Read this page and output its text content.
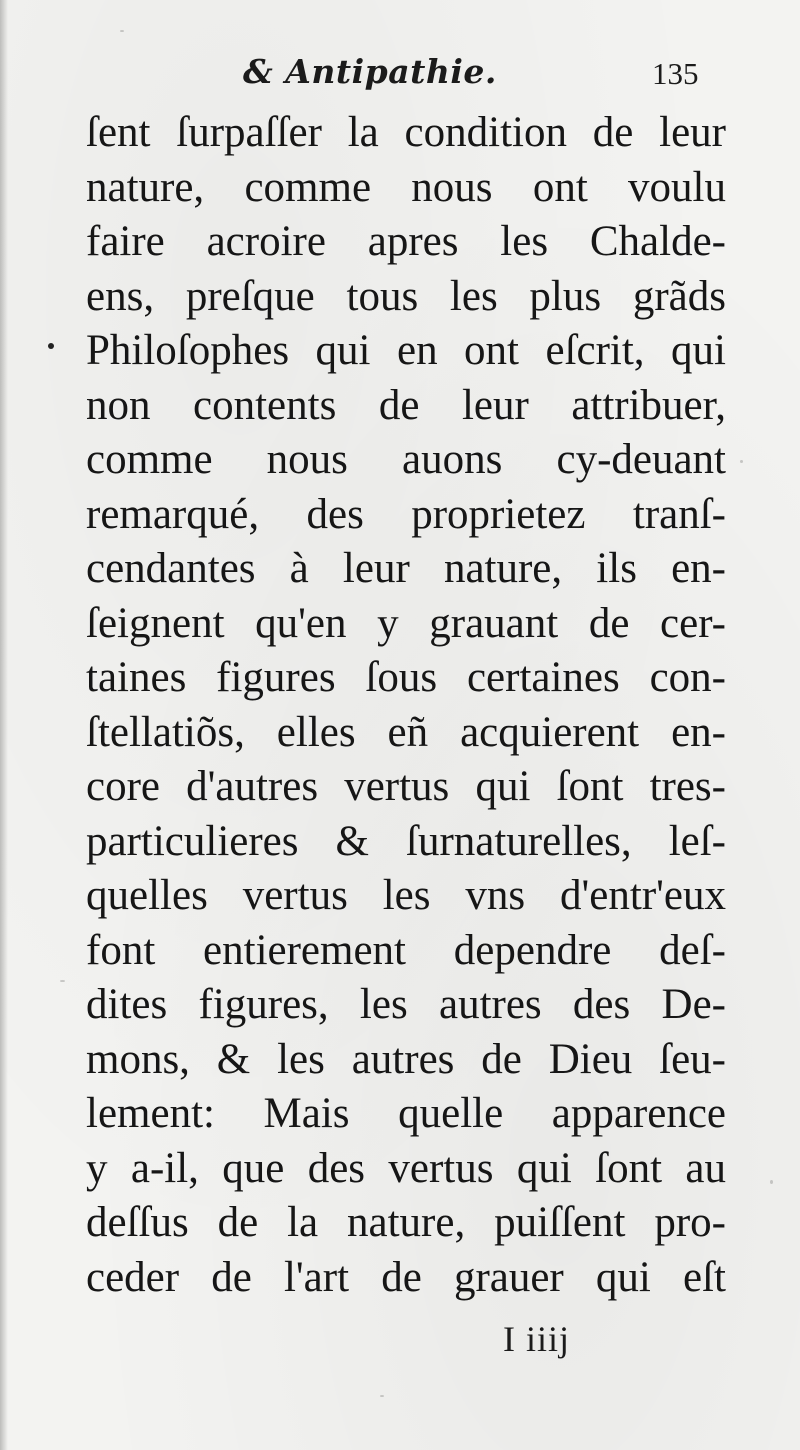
& Antipathie.	135
ſent ſurpaſſer la condition de leur
nature, comme nous ont voulu
faire acroire apres les Chalde-
ens, preſque tous les plus grãds
Philoſophes qui en ont eſcrit, qui
non contents de leur attribuer,
comme nous auons cy-deuant
remarqué, des proprietez tranſ-
cendantes à leur nature, ils en-
ſeignent qu'en y grauant de cer-
taines figures ſous certaines con-
ſtellatiõs, elles eñ acquierent en-
core d'autres vertus qui ſont tres-
particulieres & ſurnaturelles, leſ-
quelles vertus les vns d'entr'eux
font entierement dependre deſ-
dites figures, les autres des De-
mons, & les autres de Dieu ſeu-
lement: Mais quelle apparence
y a-il, que des vertus qui ſont au
deſſus de la nature, puiſſent pro-
ceder de l'art de grauer qui eſt
I iiij
